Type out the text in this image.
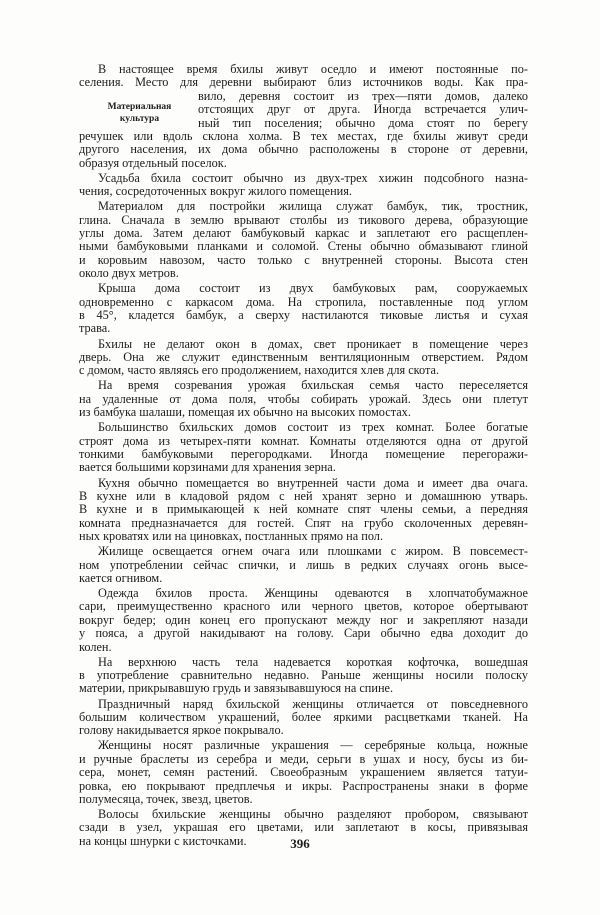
Материальная
культура
В настоящее время бхилы живут оседло и имеют постоянные по-
селения. Место для деревни выбирают близ источников воды. Как пра-
вило, деревня состоит из трех—пяти домов, далеко
отстоящих друг от друга. Иногда встречается улич-
ный тип поселения; обычно дома стоят по берегу
речушек или вдоль склона холма. В тех местах, где бхилы живут среди
другого населения, их дома обычно расположены в стороне от деревни,
образуя отдельный поселок.
Усадьба бхила состоит обычно из двух-трех хижин подсобного назна-
чения, сосредоточенных вокруг жилого помещения.
Материалом для постройки жилища служат бамбук, тик, тростник,
глина. Сначала в землю врывают столбы из тикового дерева, образующие
углы дома. Затем делают бамбуковый каркас и заплетают его расщеплен-
ными бамбуковыми планками и соломой. Стены обычно обмазывают глиной
и коровьим навозом, часто только с внутренней стороны. Высота стен
около двух метров.
Крыша дома состоит из двух бамбуковых рам, сооружаемых
одновременно с каркасом дома. На стропила, поставленные под углом
в 45°, кладется бамбук, а сверху настилаются тиковые листья и сухая
трава.
Бхилы не делают окон в домах, свет проникает в помещение через
дверь. Она же служит единственным вентиляционным отверстием. Рядом
с домом, часто являясь его продолжением, находится хлев для скота.
На время созревания урожая бхильская семья часто переселяется
на удаленные от дома поля, чтобы собирать урожай. Здесь они плетут
из бамбука шалаши, помещая их обычно на высоких помостах.
Большинство бхильских домов состоит из трех комнат. Более богатые
строят дома из четырех-пяти комнат. Комнаты отделяются одна от другой
тонкими бамбуковыми перегородками. Иногда помещение перегоражи-
вается большими корзинами для хранения зерна.
Кухня обычно помещается во внутренней части дома и имеет два очага.
В кухне или в кладовой рядом с ней хранят зерно и домашнюю утварь.
В кухне и в примыкающей к ней комнате спят члены семьи, а передняя
комната предназначается для гостей. Спят на грубо сколоченных деревян-
ных кроватях или на циновках, постланных прямо на пол.
Жилище освещается огнем очага или плошками с жиром. В повсемест-
ном употреблении сейчас спички, и лишь в редких случаях огонь высе-
кается огнивом.
Одежда бхилов проста. Женщины одеваются в хлопчатобумажное
сари, преимущественно красного или черного цветов, которое обертывают
вокруг бедер; один конец его пропускают между ног и закрепляют назади
у пояса, а другой накидывают на голову. Сари обычно едва доходит до
колен.
На верхнюю часть тела надевается короткая кофточка, вошедшая
в употребление сравнительно недавно. Раньше женщины носили полоску
материи, прикрывавшую грудь и завязывавшуюся на спине.
Праздничный наряд бхильской женщины отличается от повседневного
большим количеством украшений, более яркими расцветками тканей. На
голову накидывается яркое покрывало.
Женщины носят различные украшения — серебряные кольца, ножные
и ручные браслеты из серебра и меди, серьги в ушах и носу, бусы из би-
сера, монет, семян растений. Своеобразным украшением является татуи-
ровка, ею покрывают предплечья и икры. Распространены знаки в форме
полумесяца, точек, звезд, цветов.
Волосы бхильские женщины обычно разделяют пробором, связывают
сзади в узел, украшая его цветами, или заплетают в косы, привязывая
на концы шнурки с кисточками.	396
